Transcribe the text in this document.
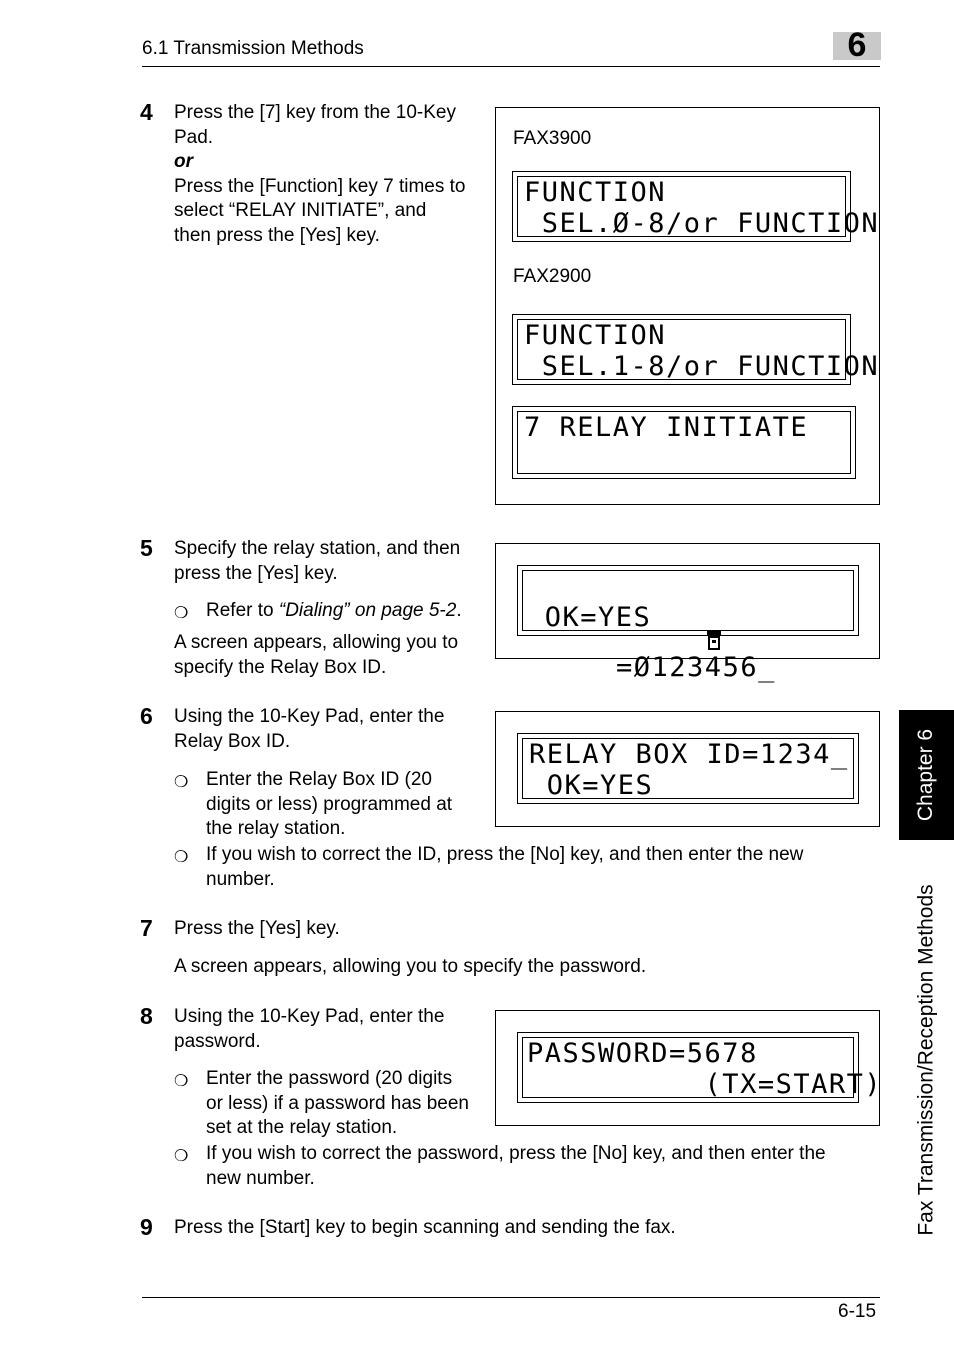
6.1 Transmission Methods	6
4 Press the [7] key from the 10-Key
Pad.
or
Press the [Function] key 7 times to
select “RELAY INITIATE”, and
then press the [Yes] key.
FAX3900
FUNCTION
SEL.Ø-8/or FUNCTION
FAX2900
FUNCTION
SEL.1-8/or FUNCTION
7 RELAY INITIATE
5 Specify the relay station, and then
press the [Yes] key.
❍ Refer to “Dialing” on page 5-2.
A screen appears, allowing you to
specify the Relay Box ID.

	=Ø123456_

OK=YES
6 Using the 10-Key Pad, enter the
Relay Box ID.
❍ Enter the Relay Box ID (20
digits or less) programmed at
the relay station.
❍ If you wish to correct the ID, press the [No] key, and then enter the new
number.
RELAY BOX ID=1234_
OK=YES
7 Press the [Yes] key.
A screen appears, allowing you to specify the password.
8 Using the 10-Key Pad, enter the
password.
❍ Enter the password (20 digits
or less) if a password has been
set at the relay station.
❍ If you wish to correct the password, press the [No] key, and then enter the
new number.
PASSWORD=5678
(TX=START)
9 Press the [Start] key to begin scanning and sending the fax.
Chapter 6
Fax Transmission/Reception Methods
6-15
